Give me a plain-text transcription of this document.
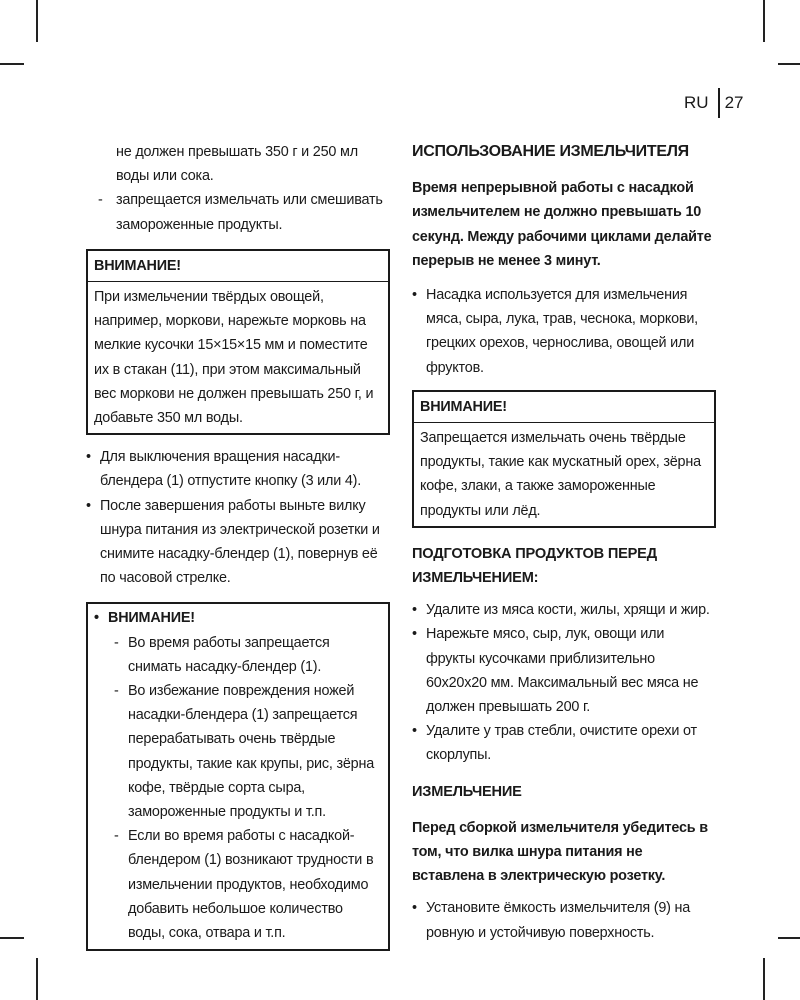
RU 27

не должен превышать 350 г и 250 мл воды или сока.

- запрещается измельчать или смешивать замороженные продукты.

ВНИМАНИЕ!
При измельчении твёрдых овощей, например, моркови, нарежьте морковь на мелкие кусочки 15×15×15 мм и поместите их в стакан (11), при этом максимальный вес моркови не должен превышать 250 г, и добавьте 350 мл воды.

• Для выключения вращения насадки-блендера (1) отпустите кнопку (3 или 4).

• После завершения работы выньте вилку шнура питания из электрической розетки и снимите насадку-блендер (1), повернув её по часовой стрелке.

• ВНИМАНИЕ!

- Во время работы запрещается снимать насадку-блендер (1).

- Во избежание повреждения ножей насадки-блендера (1) запрещается перерабатывать очень твёрдые продукты, такие как крупы, рис, зёрна кофе, твёрдые сорта сыра, замороженные продукты и т.п.

- Если во время работы с насадкой-блендером (1) возникают трудности в измельчении продуктов, необходимо добавить небольшое количество воды, сока, отвара и т.п.

ИСПОЛЬЗОВАНИЕ ИЗМЕЛЬЧИТЕЛЯ

Время непрерывной работы с насадкой измельчителем не должно превышать 10 секунд. Между рабочими циклами делайте перерыв не менее 3 минут.

• Насадка используется для измельчения мяса, сыра, лука, трав, чеснока, моркови, грецких орехов, чернослива, овощей или фруктов.

ВНИМАНИЕ!
Запрещается измельчать очень твёрдые продукты, такие как мускатный орех, зёрна кофе, злаки, а также замороженные продукты или лёд.

ПОДГОТОВКА ПРОДУКТОВ ПЕРЕД ИЗМЕЛЬЧЕНИЕМ:

• Удалите из мяса кости, жилы, хрящи и жир.

• Нарежьте мясо, сыр, лук, овощи или фрукты кусочками приблизительно 60x20x20 мм. Максимальный вес мяса не должен превышать 200 г.

• Удалите у трав стебли, очистите орехи от скорлупы.

ИЗМЕЛЬЧЕНИЕ

Перед сборкой измельчителя убедитесь в том, что вилка шнура питания не вставлена в электрическую розетку.

• Установите ёмкость измельчителя (9) на ровную и устойчивую поверхность.
